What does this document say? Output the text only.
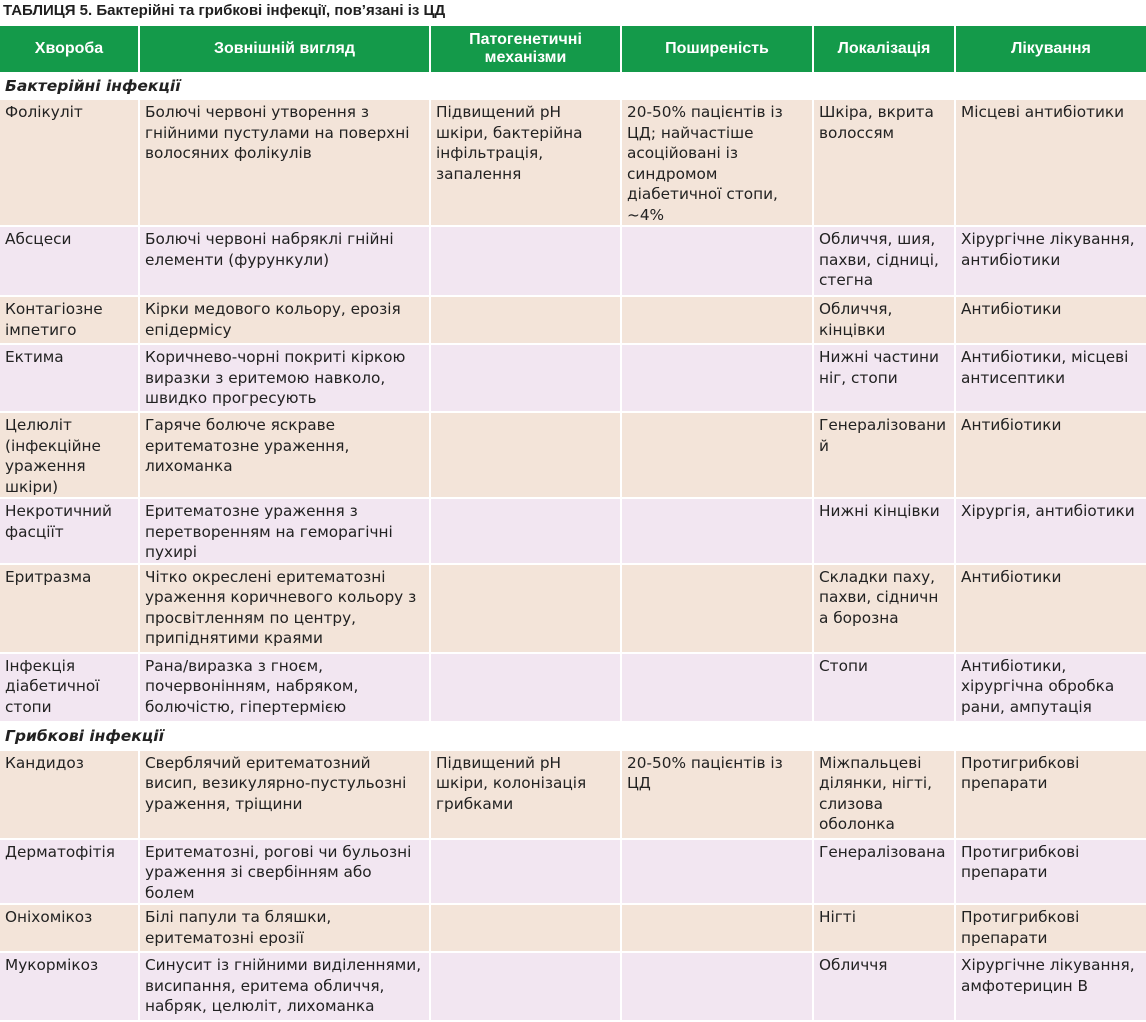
ТАБЛИЦЯ 5. Бактерійні та грибкові інфекції, пов’язані із ЦД
Хвороба	Зовнішній вигляд	Патогенетичні механізми	Поширеність	Локалізація	Лікування
Бактерійні інфекції					
Фолікуліт	Болючі червоні утворення з гнійними пустулами на поверхні волосяних фолікулів	Підвищений рН шкіри, бактерійна інфільтрація, запалення	20-50% пацієнтів із ЦД; найчастіше асоційовані із синдромом діабетичної стопи, ~4%	Шкіра, вкрита волоссям	Місцеві антибіотики
Абсцеси	Болючі червоні набряклі гнійні елементи (фурункули)			Обличчя, шия, пахви, сідниці, стегна	Хірургічне лікування, антибіотики
Контагіозне імпетиго	Кірки медового кольору, ерозія епідермісу			Обличчя, кінцівки	Антибіотики
Ектима	Коричнево-чорні покриті кіркою виразки з еритемою навколо, швидко прогресують			Нижні частини ніг, стопи	Антибіотики, місцеві антисептики
Целюліт (інфекційне ураження шкіри)	Гаряче болюче яскраве еритематозне ураження, лихоманка			Генералізований	Антибіотики
Некротичний фасціїт	Еритематозне ураження з перетворенням на геморагічні пухирі			Нижні кінцівки	Хірургія, антибіотики
Еритразма	Чітко окреслені еритематозні ураження коричневого кольору з просвітленням по центру, припіднятими краями			Складки паху, пахви, сідничн а борозна	Антибіотики
Інфекція діабетичної стопи	Рана/виразка з гноєм, почервонінням, набряком, болючістю, гіпертермією			Стопи	Антибіотики, хірургічна обробка рани, ампутація
Грибкові інфекції					
Кандидоз	Сверблячий еритематозний висип, везикулярно-пустульозні ураження, тріщини	Підвищений рН шкіри, колонізація грибками	20-50% пацієнтів із ЦД	Міжпальцеві ділянки, нігті, слизова оболонка	Протигрибкові препарати
Дерматофітія	Еритематозні, рогові чи бульозні ураження зі свербінням або болем			Генералізована	Протигрибкові препарати
Оніхомікоз	Білі папули та бляшки, еритематозні ерозії			Нігті	Протигрибкові препарати
Мукормікоз	Синусит із гнійними виділеннями, висипання, еритема обличчя, набряк, целюліт, лихоманка			Обличчя	Хірургічне лікування, амфотерицин В
